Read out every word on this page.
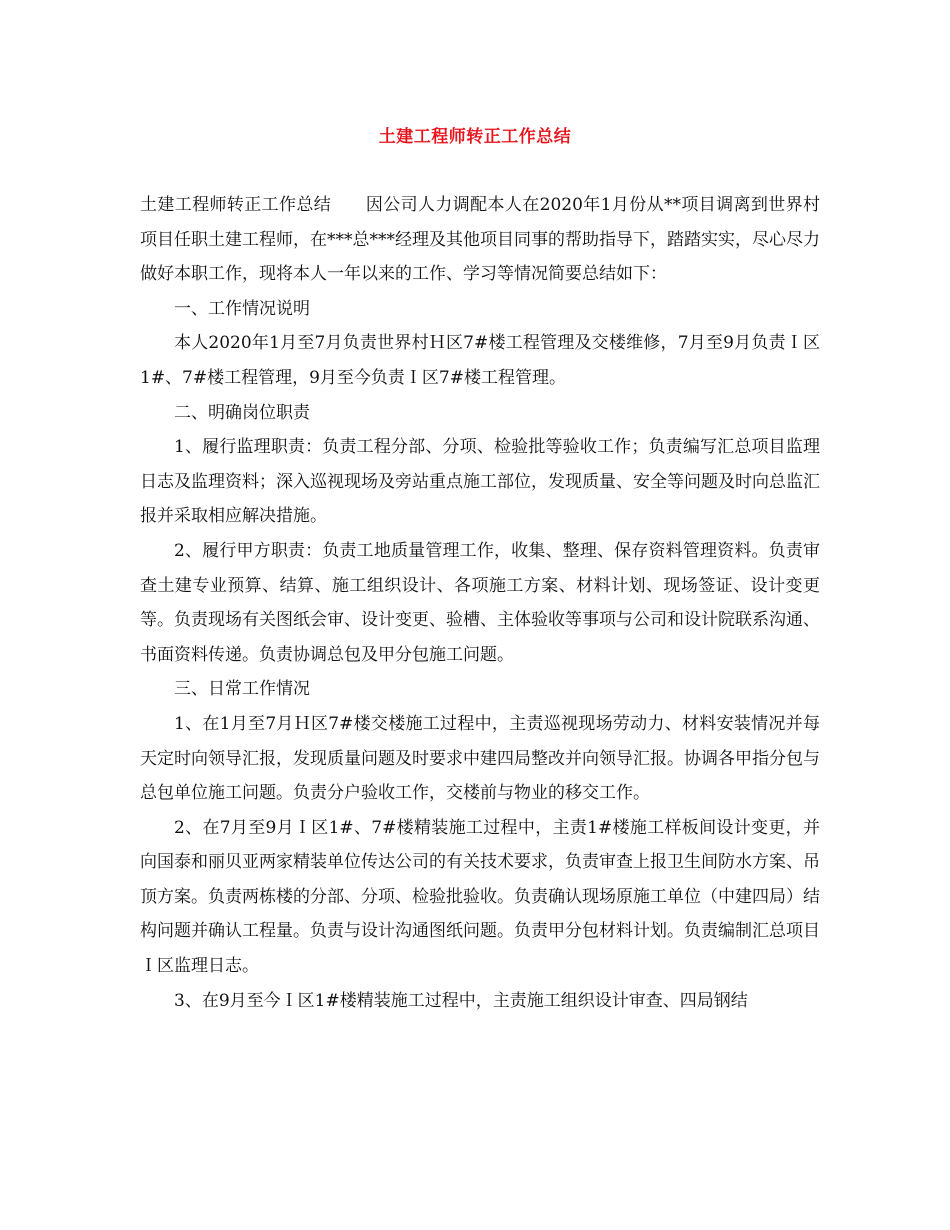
土建工程师转正工作总结

土建工程师转正工作总结　　因公司人力调配本人在2020年1月份从**项目调离到世界村项目任职土建工程师，在***总***经理及其他项目同事的帮助指导下，踏踏实实，尽心尽力做好本职工作，现将本人一年以来的工作、学习等情况简要总结如下：

一、工作情况说明

本人2020年1月至7月负责世界村Ｈ区7#楼工程管理及交楼维修，7月至9月负责Ｉ区1#、7#楼工程管理，9月至今负责Ｉ区7#楼工程管理。

二、明确岗位职责

1、履行监理职责：负责工程分部、分项、检验批等验收工作；负责编写汇总项目监理日志及监理资料；深入巡视现场及旁站重点施工部位，发现质量、安全等问题及时向总监汇报并采取相应解决措施。

2、履行甲方职责：负责工地质量管理工作，收集、整理、保存资料管理资料。负责审查土建专业预算、结算、施工组织设计、各项施工方案、材料计划、现场签证、设计变更等。负责现场有关图纸会审、设计变更、验槽、主体验收等事项与公司和设计院联系沟通、书面资料传递。负责协调总包及甲分包施工问题。

三、日常工作情况

1、在1月至7月Ｈ区7#楼交楼施工过程中，主责巡视现场劳动力、材料安装情况并每天定时向领导汇报，发现质量问题及时要求中建四局整改并向领导汇报。协调各甲指分包与总包单位施工问题。负责分户验收工作，交楼前与物业的移交工作。

2、在7月至9月Ｉ区1#、7#楼精装施工过程中，主责1#楼施工样板间设计变更，并向国泰和丽贝亚两家精装单位传达公司的有关技术要求，负责审查上报卫生间防水方案、吊顶方案。负责两栋楼的分部、分项、检验批验收。负责确认现场原施工单位（中建四局）结构问题并确认工程量。负责与设计沟通图纸问题。负责甲分包材料计划。负责编制汇总项目Ｉ区监理日志。

3、在9月至今Ｉ区1#楼精装施工过程中，主责施工组织设计审查、四局钢结
